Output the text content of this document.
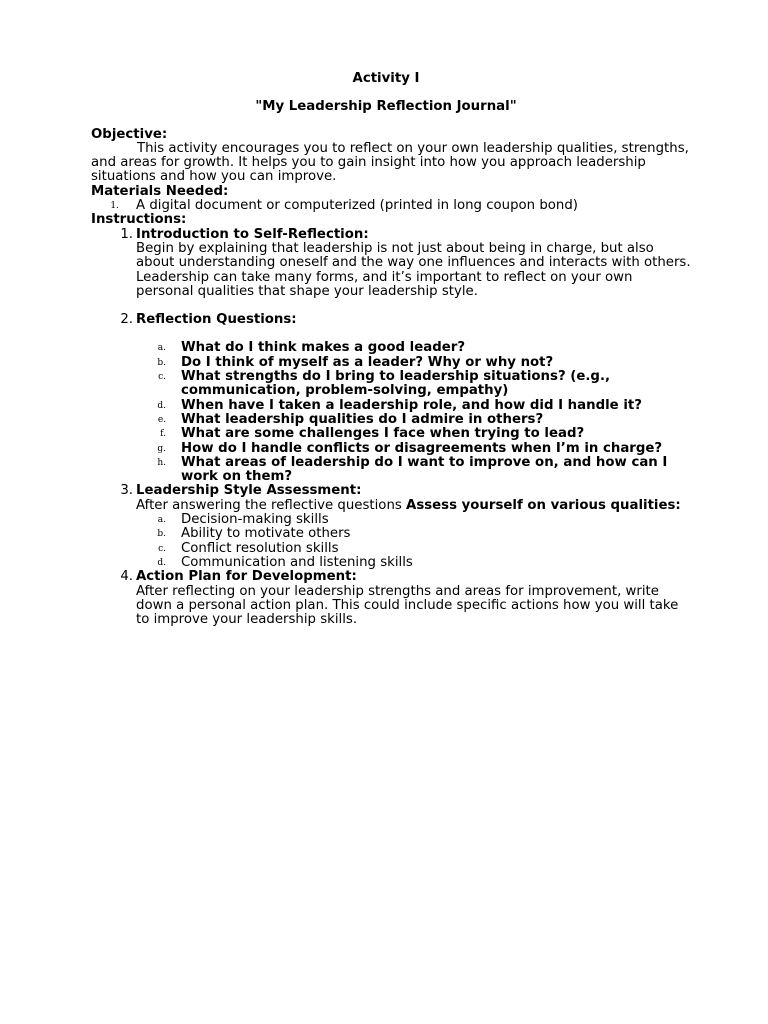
Activity I
"My Leadership Reflection Journal"
Objective:
This activity encourages you to reflect on your own leadership qualities, strengths, and areas for growth. It helps you to gain insight into how you approach leadership situations and how you can improve.
Materials Needed:
1. A digital document or computerized (printed in long coupon bond)
Instructions:
1. Introduction to Self-Reflection:
Begin by explaining that leadership is not just about being in charge, but also about understanding oneself and the way one influences and interacts with others. Leadership can take many forms, and it’s important to reflect on your own personal qualities that shape your leadership style.
2. Reflection Questions:
a. What do I think makes a good leader?
b. Do I think of myself as a leader? Why or why not?
c. What strengths do I bring to leadership situations? (e.g., communication, problem-solving, empathy)
d. When have I taken a leadership role, and how did I handle it?
e. What leadership qualities do I admire in others?
f. What are some challenges I face when trying to lead?
g. How do I handle conflicts or disagreements when I’m in charge?
h. What areas of leadership do I want to improve on, and how can I work on them?
3. Leadership Style Assessment:
After answering the reflective questions Assess yourself on various qualities:
a. Decision-making skills
b. Ability to motivate others
c. Conflict resolution skills
d. Communication and listening skills
4. Action Plan for Development:
After reflecting on your leadership strengths and areas for improvement, write down a personal action plan. This could include specific actions how you will take to improve your leadership skills.
